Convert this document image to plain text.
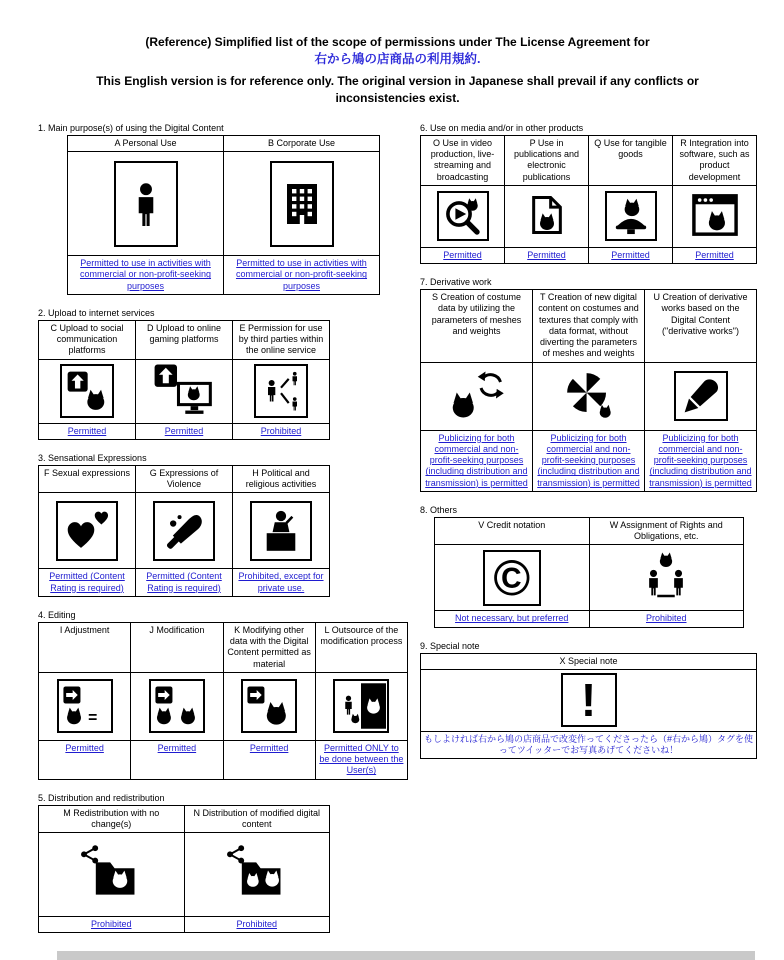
(Reference) Simplified list of the scope of permissions under The License Agreement for
右から鳩の店商品の利用規約.
This English version is for reference only. The original version in Japanese shall prevail if any conflicts or inconsistencies exist.
1. Main purpose(s) of using the Digital Content
A Personal Use	B Corporate Use

Permitted to use in activities with commercial or non-profit-seeking purposes	Permitted to use in activities with commercial or non-profit-seeking purposes
2. Upload to internet services
C Upload to social communication platforms	D Upload to online gaming platforms	E Permission for use by third parties within the online service

Permitted	Permitted	Prohibited
3. Sensational Expressions
F Sexual expressions	G Expressions of Violence	H Political and religious activities

Permitted (Content Rating is required)	Permitted (Content Rating is required)	Prohibited, except for private use.
4. Editing
I Adjustment	J Modification	K Modifying other data with the Digital Content permitted as material	L Outsource of the modification process

=

Permitted	Permitted	Permitted	Permitted ONLY to be done between the User(s)
5. Distribution and redistribution
M Redistribution with no change(s)	N Distribution of modified digital content

Prohibited	Prohibited
6. Use on media and/or in other products
O Use in video production, live-streaming and broadcasting	P Use in publications and electronic publications	Q Use for tangible goods	R Integration into software, such as product development

Permitted	Permitted	Permitted	Permitted
7. Derivative work
S Creation of costume data by utilizing the parameters of meshes and weights	T Creation of new digital content on costumes and textures that comply with data format, without diverting the parameters of meshes and weights	U Creation of derivative works based on the Digital Content ("derivative works")

Publicizing for both commercial and non-profit-seeking purposes (including distribution and transmission) is permitted	Publicizing for both commercial and non-profit-seeking purposes (including distribution and transmission) is permitted	Publicizing for both commercial and non-profit-seeking purposes (including distribution and transmission) is permitted
8. Others
V Credit notation	W Assignment of Rights and Obligations, etc.

©

Not necessary, but preferred	Prohibited
9. Special note
X Special note

!

もしよければ右から鳩の店商品で改変作ってくださったら（#右から鳩）タグを使ってツイッターでお写真あげてくださいね！
